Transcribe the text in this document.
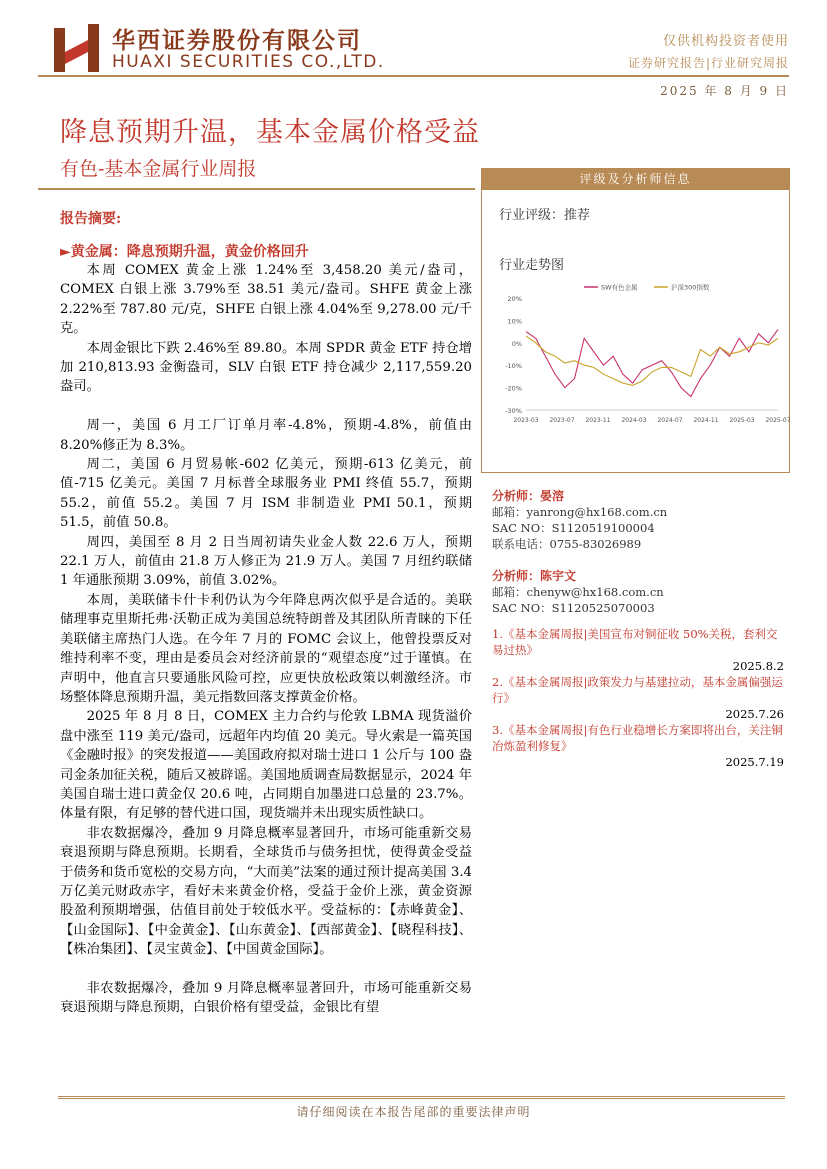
华西证券股份有限公司
HUAXI SECURITIES CO.,LTD.
仅供机构投资者使用
证券研究报告|行业研究周报
2025 年 8 月 9 日
降息预期升温，基本金属价格受益
有色-基本金属行业周报	评级及分析师信息
行业评级：推荐
行业走势图
20%
10%
0%
-10%
-20%
-30%
2023-03 2023-07 2023-11 2024-03 2024-07 2024-11 2025-03 2025-07
SW有色金属	沪深300指数
分析师：晏溶
邮箱：yanrong@hx168.com.cn
SAC NO：S1120519100004
联系电话：0755-83026989
分析师：陈宇文
邮箱：chenyw@hx168.com.cn
SAC NO：S1120525070003
1.《基本金属周报|美国宣布对铜征收 50%关税，套利交易过热》
2025.8.2
2.《基本金属周报|政策发力与基建拉动，基本金属偏强运行》
2025.7.26
3.《基本金属周报|有色行业稳增长方案即将出台，关注铜冶炼盈利修复》
2025.7.19
报告摘要:
►黄金属：降息预期升温，黄金价格回升

本周 COMEX 黄金上涨 1.24%至 3,458.20 美元/盎司，COMEX 白银上涨 3.79%至 38.51 美元/盎司。SHFE 黄金上涨 2.22%至 787.80 元/克，SHFE 白银上涨 4.04%至 9,278.00 元/千克。

本周金银比下跌 2.46%至 89.80。本周 SPDR 黄金 ETF 持仓增加 210,813.93 金衡盎司，SLV 白银 ETF 持仓减少 2,117,559.20 盎司。

周一，美国 6 月工厂订单月率-4.8%，预期-4.8%，前值由 8.20%修正为 8.3%。

周二，美国 6 月贸易帐-602 亿美元，预期-613 亿美元，前值-715 亿美元。美国 7 月标普全球服务业 PMI 终值 55.7，预期 55.2，前值 55.2。美国 7 月 ISM 非制造业 PMI 50.1，预期 51.5，前值 50.8。

周四，美国至 8 月 2 日当周初请失业金人数 22.6 万人，预期 22.1 万人，前值由 21.8 万人修正为 21.9 万人。美国 7 月纽约联储 1 年通胀预期 3.09%，前值 3.02%。

本周，美联储卡什卡利仍认为今年降息两次似乎是合适的。美联储理事克里斯托弗·沃勒正成为美国总统特朗普及其团队所青睐的下任美联储主席热门人选。在今年 7 月的 FOMC 会议上，他曾投票反对维持利率不变，理由是委员会对经济前景的“观望态度”过于谨慎。在声明中，他直言只要通胀风险可控，应更快放松政策以刺激经济。市场整体降息预期升温，美元指数回落支撑黄金价格。

2025 年 8 月 8 日，COMEX 主力合约与伦敦 LBMA 现货溢价盘中涨至 119 美元/盎司，远超年内均值 20 美元。导火索是一篇英国《金融时报》的突发报道——美国政府拟对瑞士进口 1 公斤与 100 盎司金条加征关税，随后又被辟谣。美国地质调查局数据显示，2024 年美国自瑞士进口黄金仅 20.6 吨，占同期自加墨进口总量的 23.7%。体量有限，有足够的替代进口国，现货端并未出现实质性缺口。

非农数据爆冷，叠加 9 月降息概率显著回升，市场可能重新交易衰退预期与降息预期。长期看，全球货币与债务担忧，使得黄金受益于债务和货币宽松的交易方向，“大而美”法案的通过预计提高美国 3.4 万亿美元财政赤字，看好未来黄金价格，受益于金价上涨，黄金资源股盈利预期增强，估值目前处于较低水平。受益标的：【赤峰黄金】、【山金国际】、【中金黄金】、【山东黄金】、【西部黄金】、【晓程科技】、【株冶集团】、【灵宝黄金】、【中国黄金国际】。

非农数据爆冷，叠加 9 月降息概率显著回升，市场可能重新交易衰退预期与降息预期，白银价格有望受益，金银比有望

请仔细阅读在本报告尾部的重要法律声明
